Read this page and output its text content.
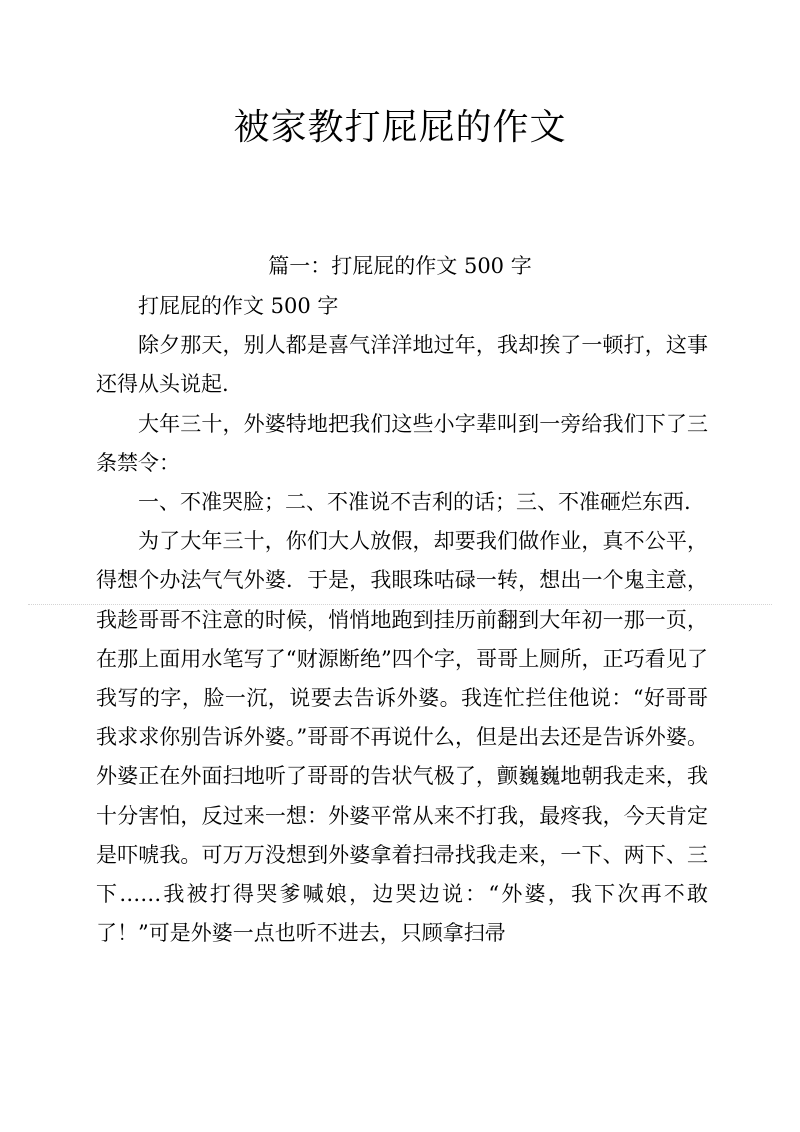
被家教打屁屁的作文
篇一：打屁屁的作文 500 字

打屁屁的作文 500 字

除夕那天，别人都是喜气洋洋地过年，我却挨了一顿打，这事还得从头说起.

大年三十，外婆特地把我们这些小字辈叫到一旁给我们下了三条禁令：

一、不准哭脸；二、不准说不吉利的话；三、不准砸烂东西.

为了大年三十，你们大人放假，却要我们做作业，真不公平，得想个办法气气外婆．于是，我眼珠咕碌一转，想出一个鬼主意，我趁哥哥不注意的时候，悄悄地跑到挂历前翻到大年初一那一页，在那上面用水笔写了“财源断绝”四个字，哥哥上厕所，正巧看见了我写的字，脸一沉，说要去告诉外婆。我连忙拦住他说：“好哥哥我求求你别告诉外婆。”哥哥不再说什么，但是出去还是告诉外婆。外婆正在外面扫地听了哥哥的告状气极了，颤巍巍地朝我走来，我十分害怕，反过来一想：外婆平常从来不打我，最疼我，今天肯定是吓唬我。可万万没想到外婆拿着扫帚找我走来，一下、两下、三下……我被打得哭爹喊娘，边哭边说：“外婆，我下次再不敢了！”可是外婆一点也听不进去，只顾拿扫帚
